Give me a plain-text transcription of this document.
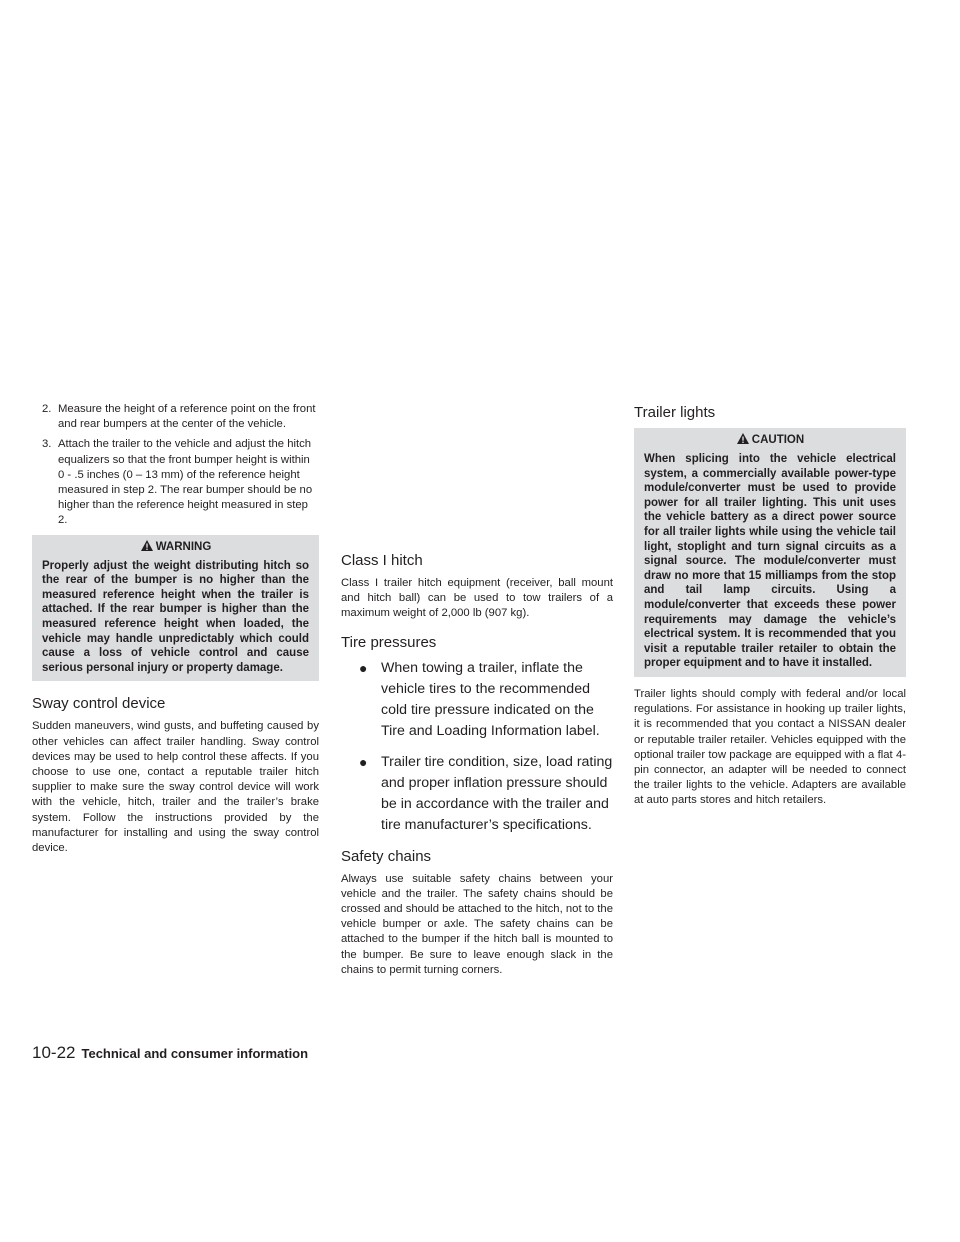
2. Measure the height of a reference point on the front and rear bumpers at the center of the vehicle.
3. Attach the trailer to the vehicle and adjust the hitch equalizers so that the front bumper height is within 0 - .5 inches (0 – 13 mm) of the reference height measured in step 2. The rear bumper should be no higher than the reference height measured in step 2.
WARNING
Properly adjust the weight distributing hitch so the rear of the bumper is no higher than the measured reference height when the trailer is attached. If the rear bumper is higher than the measured reference height when loaded, the vehicle may handle unpredictably which could cause a loss of vehicle control and cause serious personal injury or property damage.
Sway control device

Sudden maneuvers, wind gusts, and buffeting caused by other vehicles can affect trailer handling. Sway control devices may be used to help control these affects. If you choose to use one, contact a reputable trailer hitch supplier to make sure the sway control device will work with the vehicle, hitch, trailer and the trailer’s brake system. Follow the instructions provided by the manufacturer for installing and using the sway control device.

Class I hitch

Class I trailer hitch equipment (receiver, ball mount and hitch ball) can be used to tow trailers of a maximum weight of 2,000 lb (907 kg).

Tire pressures
● When towing a trailer, inflate the vehicle tires to the recommended cold tire pressure indicated on the Tire and Loading Information label.
● Trailer tire condition, size, load rating and proper inflation pressure should be in accordance with the trailer and tire manufacturer’s specifications.
Safety chains

Always use suitable safety chains between your vehicle and the trailer. The safety chains should be crossed and should be attached to the hitch, not to the vehicle bumper or axle. The safety chains can be attached to the bumper if the hitch ball is mounted to the bumper. Be sure to leave enough slack in the chains to permit turning corners.

Trailer lights
CAUTION
When splicing into the vehicle electrical system, a commercially available power-type module/converter must be used to provide power for all trailer lighting. This unit uses the vehicle battery as a direct power source for all trailer lights while using the vehicle tail light, stoplight and turn signal circuits as a signal source. The module/converter must draw no more that 15 milliamps from the stop and tail lamp circuits. Using a module/converter that exceeds these power requirements may damage the vehicle’s electrical system. It is recommended that you visit a reputable trailer retailer to obtain the proper equipment and to have it installed.

Trailer lights should comply with federal and/or local regulations. For assistance in hooking up trailer lights, it is recommended that you contact a NISSAN dealer or reputable trailer retailer. Vehicles equipped with the optional trailer tow package are equipped with a flat 4-pin connector, an adapter will be needed to connect the trailer lights to the vehicle. Adapters are available at auto parts stores and hitch retailers.

10-22 Technical and consumer information
